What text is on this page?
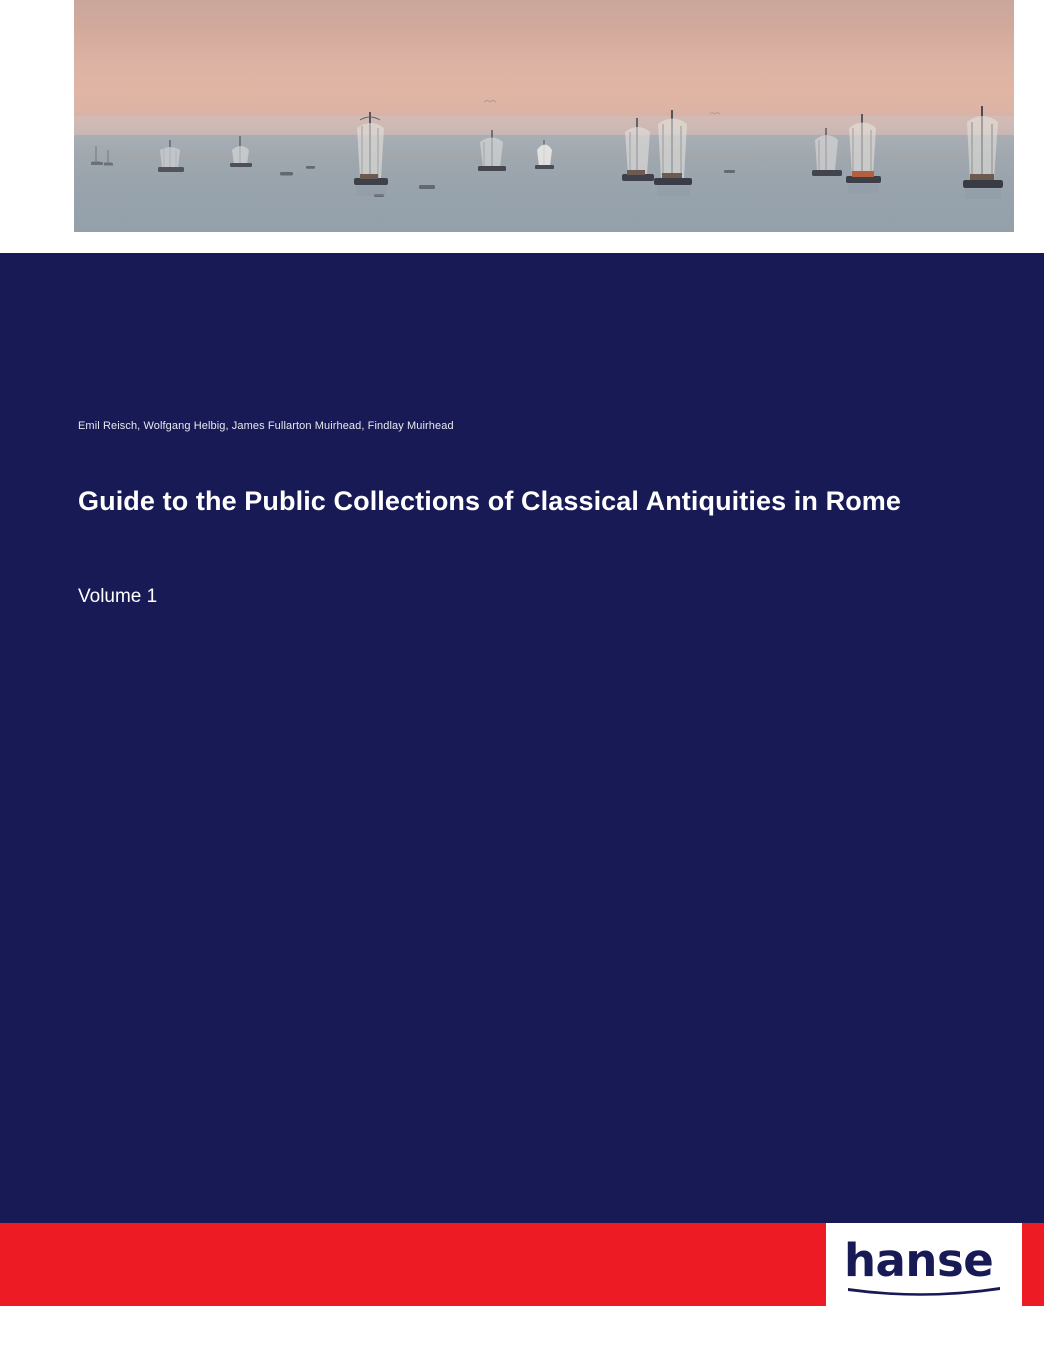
Emil Reisch, Wolfgang Helbig, James Fullarton Muirhead, Findlay Muirhead
Guide to the Public Collections of Classical Antiquities in Rome
Volume 1
hanse
